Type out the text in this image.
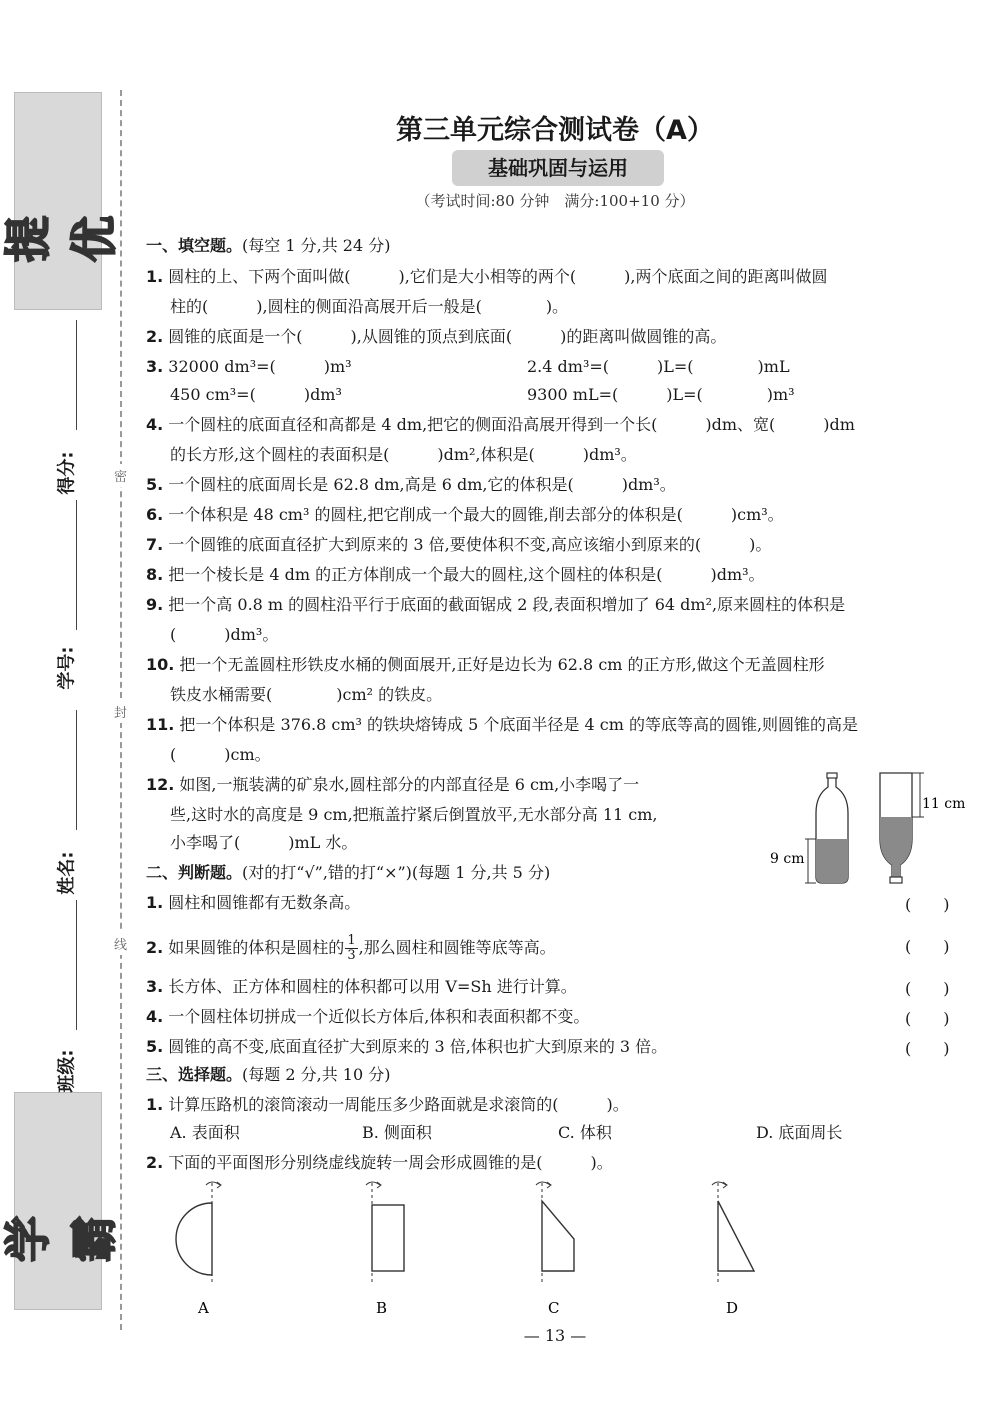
提优
学霸
密
封
线
得分:
学号:
姓名:
班级:
第三单元综合测试卷（A）
基础巩固与运用
（考试时间:80 分钟　满分:100+10 分）
一、填空题。(每空 1 分,共 24 分)
1. 圆柱的上、下两个面叫做(　　　),它们是大小相等的两个(　　　),两个底面之间的距离叫做圆
柱的(　　　),圆柱的侧面沿高展开后一般是(　　　　)。
2. 圆锥的底面是一个(　　　),从圆锥的顶点到底面(　　　)的距离叫做圆锥的高。
3. 32000 dm³=(　　　)m³	2.4 dm³=(　　　)L=(　　　　)mL
450 cm³=(　　　)dm³	9300 mL=(　　　)L=(　　　　)m³
4. 一个圆柱的底面直径和高都是 4 dm,把它的侧面沿高展开得到一个长(　　　)dm、宽(　　　)dm
的长方形,这个圆柱的表面积是(　　　)dm²,体积是(　　　)dm³。
5. 一个圆柱的底面周长是 62.8 dm,高是 6 dm,它的体积是(　　　)dm³。
6. 一个体积是 48 cm³ 的圆柱,把它削成一个最大的圆锥,削去部分的体积是(　　　)cm³。
7. 一个圆锥的底面直径扩大到原来的 3 倍,要使体积不变,高应该缩小到原来的(　　　)。
8. 把一个棱长是 4 dm 的正方体削成一个最大的圆柱,这个圆柱的体积是(　　　)dm³。
9. 把一个高 0.8 m 的圆柱沿平行于底面的截面锯成 2 段,表面积增加了 64 dm²,原来圆柱的体积是
(　　　)dm³。
10. 把一个无盖圆柱形铁皮水桶的侧面展开,正好是边长为 62.8 cm 的正方形,做这个无盖圆柱形
铁皮水桶需要(　　　　)cm² 的铁皮。
11. 把一个体积是 376.8 cm³ 的铁块熔铸成 5 个底面半径是 4 cm 的等底等高的圆锥,则圆锥的高是
(　　　)cm。
12. 如图,一瓶装满的矿泉水,圆柱部分的内部直径是 6 cm,小李喝了一
些,这时水的高度是 9 cm,把瓶盖拧紧后倒置放平,无水部分高 11 cm,
小李喝了(　　　)mL 水。
9 cm
11 cm
二、判断题。(对的打“√”,错的打“×”)(每题 1 分,共 5 分)
1. 圆柱和圆锥都有无数条高。	(　　)
2. 如果圆锥的体积是圆柱的 $\frac{1}{3}$ ,那么圆柱和圆锥等底等高。	(　　)
3. 长方体、正方体和圆柱的体积都可以用 V=Sh 进行计算。	(　　)
4. 一个圆柱体切拼成一个近似长方体后,体积和表面积都不变。	(　　)
5. 圆锥的高不变,底面直径扩大到原来的 3 倍,体积也扩大到原来的 3 倍。	(　　)
三、选择题。(每题 2 分,共 10 分)
1. 计算压路机的滚筒滚动一周能压多少路面就是求滚筒的(　　　)。
A. 表面积	B. 侧面积	C. 体积	D. 底面周长
2. 下面的平面图形分别绕虚线旋转一周会形成圆锥的是(　　　)。
A	B	C	D
— 13 —
